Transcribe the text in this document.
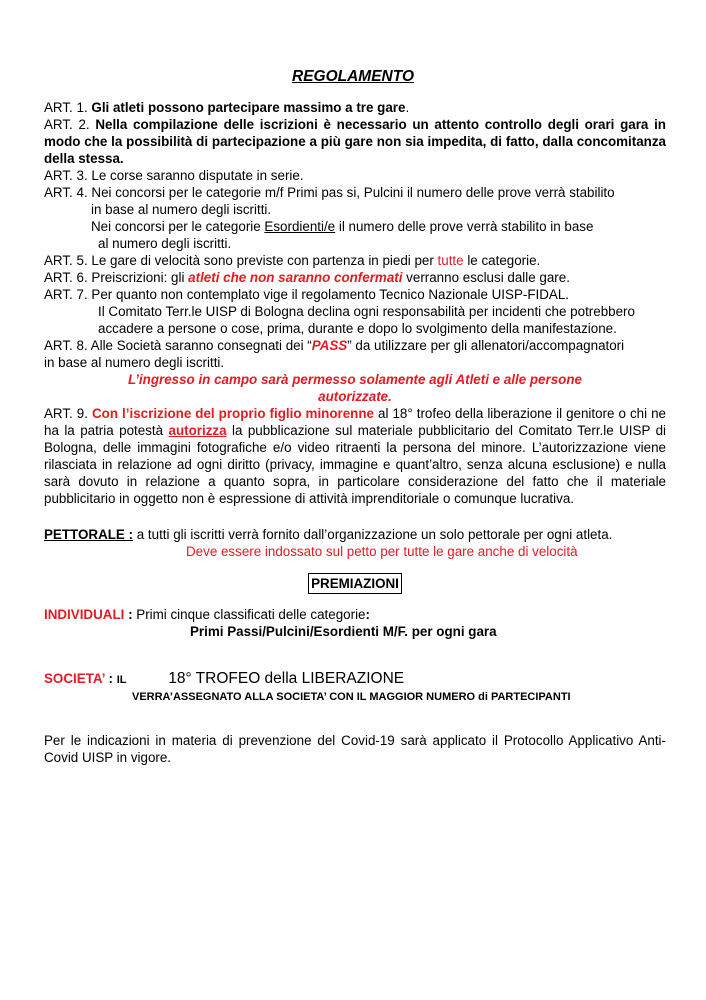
REGOLAMENTO
ART. 1. Gli atleti possono partecipare massimo a tre gare.
ART. 2. Nella compilazione delle iscrizioni è necessario un attento controllo degli orari gara in modo che la possibilità di partecipazione a più gare non sia impedita, di fatto, dalla concomitanza della stessa.
ART. 3. Le corse saranno disputate in serie.
ART. 4. Nei concorsi per le categorie m/f Primi pas si, Pulcini il numero delle prove verrà stabilito
in base al numero degli iscritti.
Nei concorsi per le categorie Esordienti/e il numero delle prove verrà stabilito in base
al numero degli iscritti.
ART. 5. Le gare di velocità sono previste con partenza in piedi per tutte le categorie.
ART. 6. Preiscrizioni: gli atleti che non saranno confermati verranno esclusi dalle gare.
ART. 7. Per quanto non contemplato vige il regolamento Tecnico Nazionale UISP-FIDAL.
Il Comitato Terr.le UISP di Bologna declina ogni responsabilità per incidenti che potrebbero
accadere a persone o cose, prima, durante e dopo lo svolgimento della manifestazione.
ART. 8. Alle Società saranno consegnati dei “PASS” da utilizzare per gli allenatori/accompagnatori
in base al numero degli iscritti.
L’ingresso in campo sarà permesso solamente agli Atleti e alle persone
autorizzate.
ART. 9. Con l’iscrizione del proprio figlio minorenne al 18° trofeo della liberazione il genitore o chi ne ha la patria potestà autorizza la pubblicazione sul materiale pubblicitario del Comitato Terr.le UISP di Bologna, delle immagini fotografiche e/o video ritraenti la persona del minore. L’autorizzazione viene rilasciata in relazione ad ogni diritto (privacy, immagine e quant’altro, senza alcuna esclusione) e nulla sarà dovuto in relazione a quanto sopra, in particolare considerazione del fatto che il materiale pubblicitario in oggetto non è espressione di attività imprenditoriale o comunque lucrativa.
PETTORALE : a tutti gli iscritti verrà fornito dall’organizzazione un solo pettorale per ogni atleta.
Deve essere indossato sul petto per tutte le gare anche di velocità
PREMIAZIONI
INDIVIDUALI : Primi cinque classificati delle categorie:
Primi Passi/Pulcini/Esordienti M/F. per ogni gara
SOCIETA’ : IL	18° TROFEO della LIBERAZIONE
VERRA’ASSEGNATO ALLA SOCIETA’ CON IL MAGGIOR NUMERO di PARTECIPANTI
Per le indicazioni in materia di prevenzione del Covid-19 sarà applicato il Protocollo Applicativo Anti-Covid UISP in vigore.
